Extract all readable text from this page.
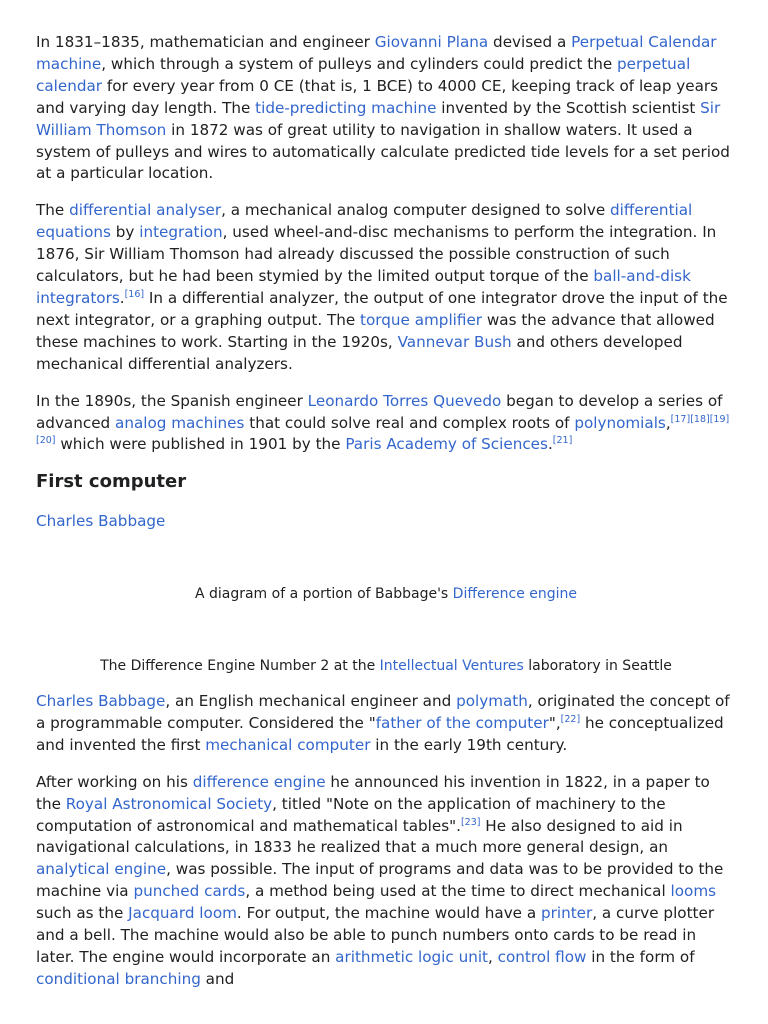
In 1831–1835, mathematician and engineer Giovanni Plana devised a Perpetual Calendar machine, which through a system of pulleys and cylinders could predict the perpetual calendar for every year from 0 CE (that is, 1 BCE) to 4000 CE, keeping track of leap years and varying day length. The tide-predicting machine invented by the Scottish scientist Sir William Thomson in 1872 was of great utility to navigation in shallow waters. It used a system of pulleys and wires to automatically calculate predicted tide levels for a set period at a particular location.

The differential analyser, a mechanical analog computer designed to solve differential equations by integration, used wheel-and-disc mechanisms to perform the integration. In 1876, Sir William Thomson had already discussed the possible construction of such calculators, but he had been stymied by the limited output torque of the ball-and-disk integrators.[16] In a differential analyzer, the output of one integrator drove the input of the next integrator, or a graphing output. The torque amplifier was the advance that allowed these machines to work. Starting in the 1920s, Vannevar Bush and others developed mechanical differential analyzers.

In the 1890s, the Spanish engineer Leonardo Torres Quevedo began to develop a series of advanced analog machines that could solve real and complex roots of polynomials,[17][18][19][20] which were published in 1901 by the Paris Academy of Sciences.[21]

First computer
Charles Babbage
A diagram of a portion of Babbage's Difference engine
The Difference Engine Number 2 at the Intellectual Ventures laboratory in Seattle

Charles Babbage, an English mechanical engineer and polymath, originated the concept of a programmable computer. Considered the "father of the computer",[22] he conceptualized and invented the first mechanical computer in the early 19th century.

After working on his difference engine he announced his invention in 1822, in a paper to the Royal Astronomical Society, titled "Note on the application of machinery to the computation of astronomical and mathematical tables".[23] He also designed to aid in navigational calculations, in 1833 he realized that a much more general design, an analytical engine, was possible. The input of programs and data was to be provided to the machine via punched cards, a method being used at the time to direct mechanical looms such as the Jacquard loom. For output, the machine would have a printer, a curve plotter and a bell. The machine would also be able to punch numbers onto cards to be read in later. The engine would incorporate an arithmetic logic unit, control flow in the form of conditional branching and
